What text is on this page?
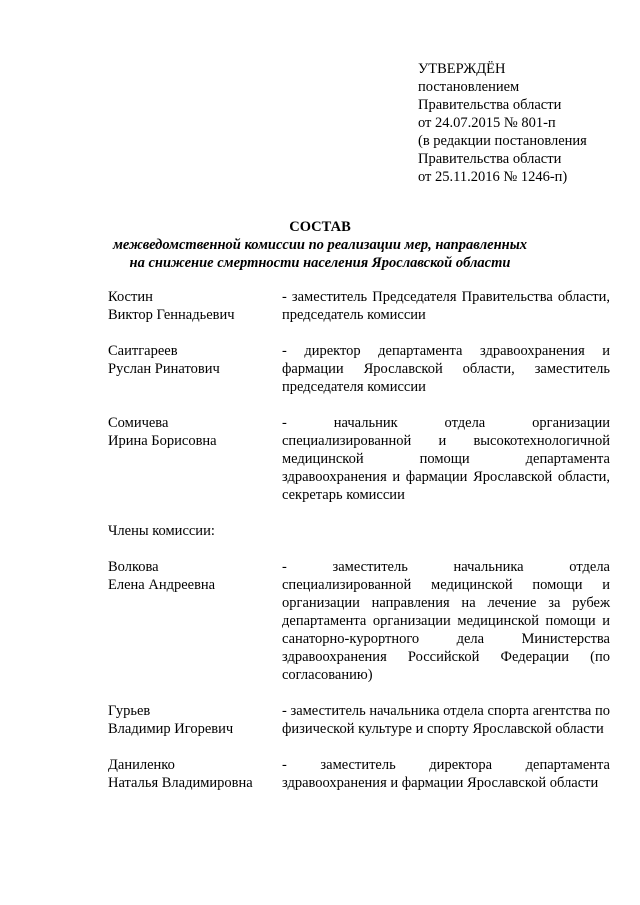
УТВЕРЖДЁН
постановлением
Правительства области
от 24.07.2015 № 801-п
(в редакции постановления
Правительства области
от 25.11.2016 № 1246-п)
СОСТАВ
межведомственной комиссии по реализации мер, направленных
на снижение смертности населения Ярославской области
Костин
Виктор Геннадьевич
- заместитель Председателя Правительства области, председатель комиссии
Саитгареев
Руслан Ринатович
- директор департамента здравоохранения и фармации Ярославской области, заместитель председателя комиссии
Сомичева
Ирина Борисовна
- начальник отдела организации специализированной и высокотехнологичной медицинской помощи департамента здравоохранения и фармации Ярославской области, секретарь комиссии
Члены комиссии:
Волкова
Елена Андреевна
- заместитель начальника отдела специализированной медицинской помощи и организации направления на лечение за рубеж департамента организации медицинской помощи и санаторно-курортного дела Министерства здравоохранения Российской Федерации (по согласованию)
Гурьев
Владимир Игоревич
- заместитель начальника отдела спорта агентства по физической культуре и спорту Ярославской области
Даниленко
Наталья Владимировна
- заместитель директора департамента здравоохранения и фармации Ярославской области
